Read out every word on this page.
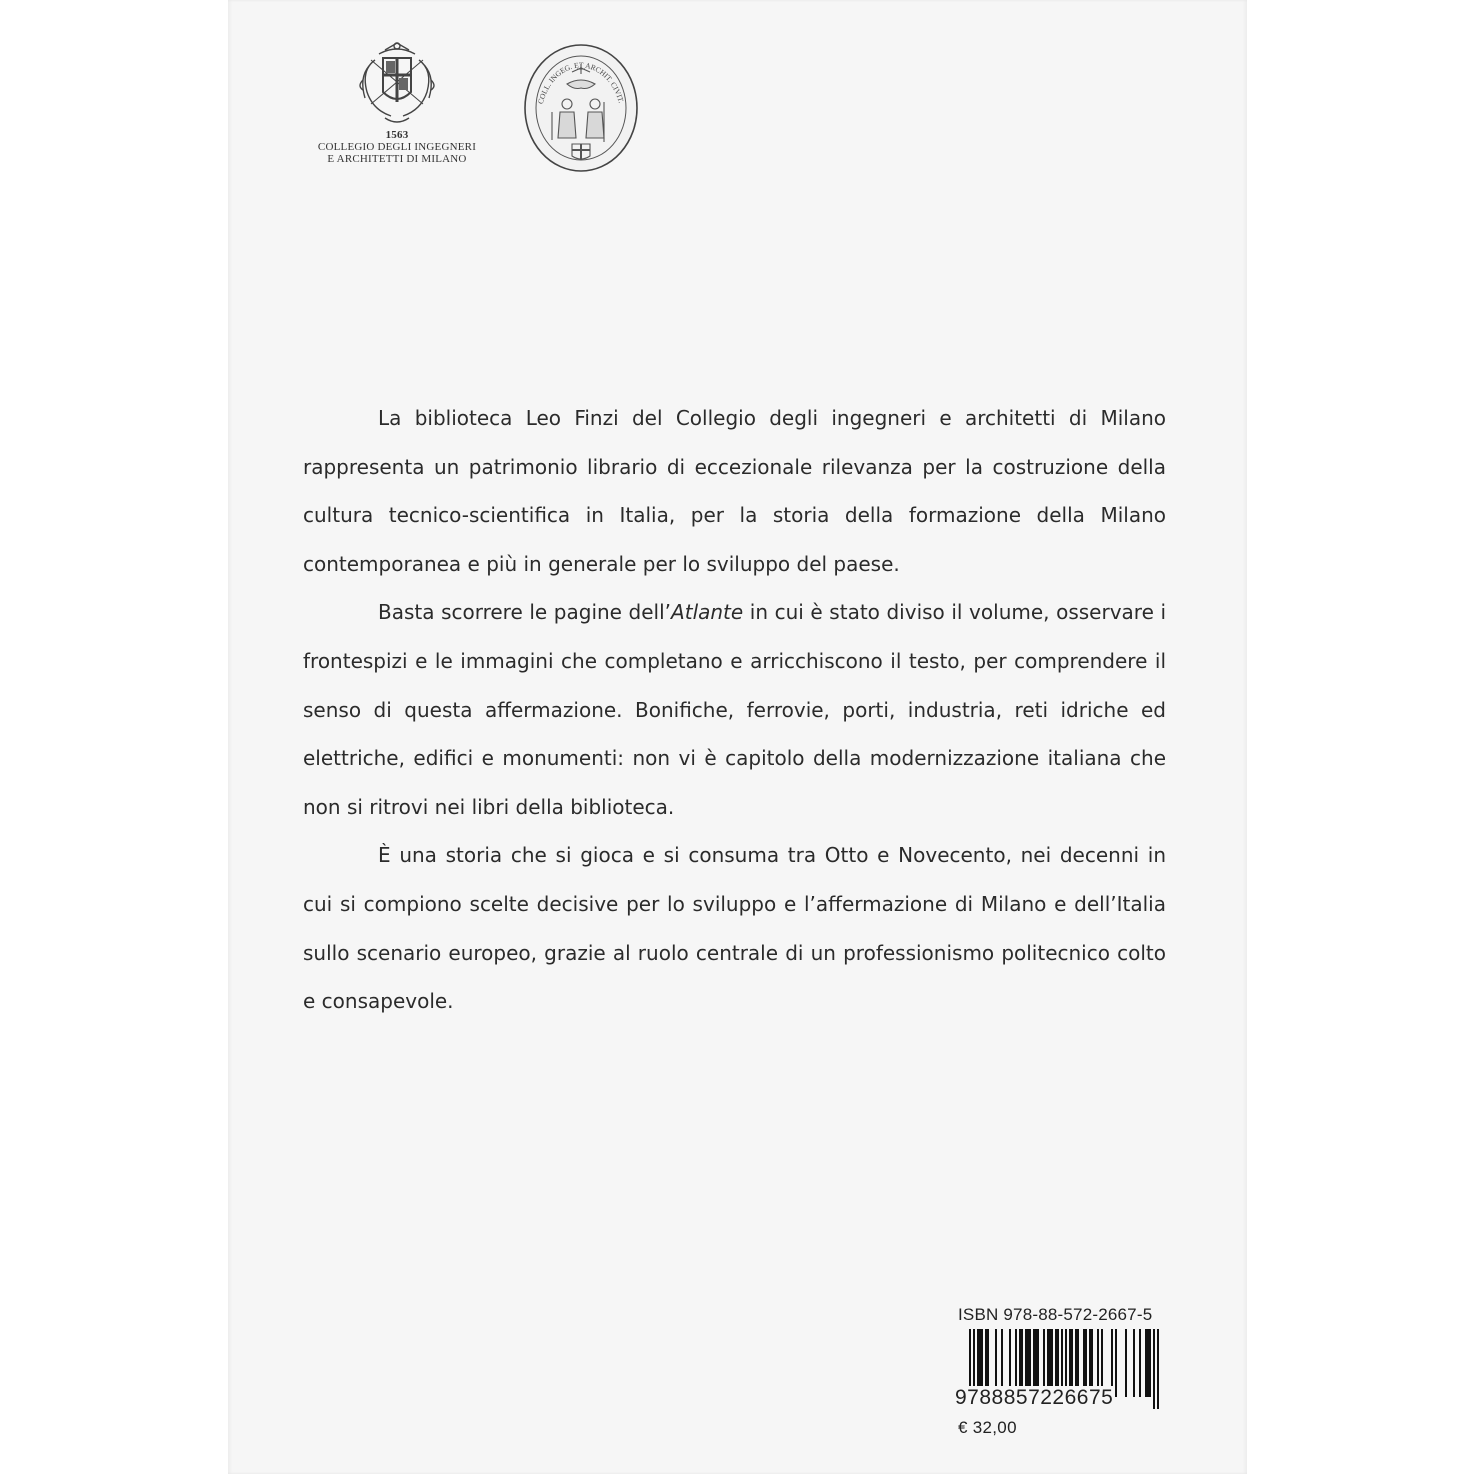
1563
COLLEGIO DEGLI INGEGNERI
E ARCHITETTI DI MILANO
COLL. INGEG. ET ARCHIT. CIVIT.

La biblioteca Leo Finzi del Collegio degli ingegneri e architetti di Milano rappresenta un patrimonio librario di eccezionale rilevanza per la costruzione della cultura tecnico-scientifica in Italia, per la storia della formazione della Milano contemporanea e più in generale per lo sviluppo del paese.

Basta scorrere le pagine dell’Atlante in cui è stato diviso il volume, osservare i frontespizi e le immagini che completano e arricchiscono il testo, per comprendere il senso di questa affermazione. Bonifiche, ferrovie, porti, industria, reti idriche ed elettriche, edifici e monumenti: non vi è capitolo della modernizzazione italiana che non si ritrovi nei libri della biblioteca.

È una storia che si gioca e si consuma tra Otto e Novecento, nei decenni in cui si compiono scelte decisive per lo sviluppo e l’affermazione di Milano e dell’Italia sullo scenario europeo, grazie al ruolo centrale di un professionismo politecnico colto e consapevole.

ISBN 978-88-572-2667-5
9788857226675
€ 32,00
